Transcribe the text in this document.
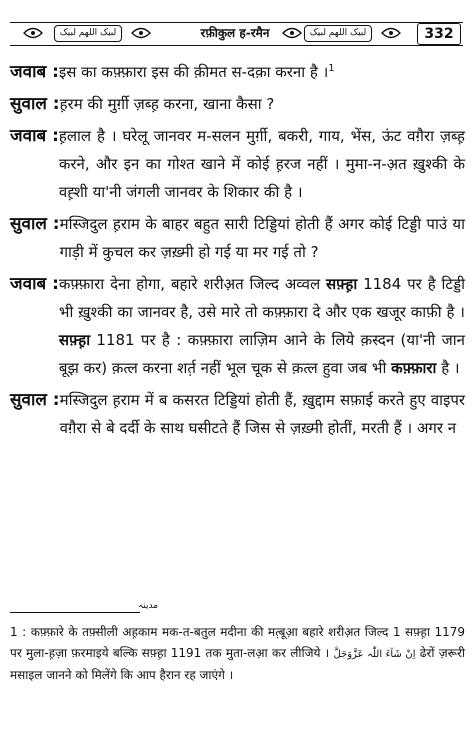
لبیک اللهم لبیک	रफ़ीकुल ह-रमैन	لبیک اللهم لبیک	332
जवाब : इस का कफ़्फ़ारा इस की क़ीमत स-दक़ा करना है ।$^1$
सुवाल : ह़रम की मुर्ग़ी ज़ब्ह़ करना, खाना कैसा ?
जवाब : ह़लाल है । घरेलू जानवर म-सलन मुर्ग़ी, बकरी, गाय, भेंस, ऊंट वग़ैरा ज़ब्ह़ करने, और इन का गोश्त खाने में कोई ह़रज नहीं । मुमा-न-अ़त ख़ुश्की के वह़्शी या'नी जंगली जानवर के शिकार की है ।
सुवाल : मस्जिदुल ह़राम के बाहर बहुत सारी टिड्डियां होती हैं अगर कोई टिड्डी पाउं या गाड़ी में कुचल कर ज़ख़्मी हो गई या मर गई तो ?
जवाब : कफ़्फ़ारा देना होगा, बहारे शरीअ़त जिल्द अव्वल सफ़्ह़ा 1184 पर है टिड्डी भी ख़ुश्की का जानवर है, उसे मारे तो कफ़्फ़ारा दे और एक खजूर काफ़ी है । सफ़्ह़ा 1181 पर है : कफ़्फ़ारा लाज़िम आने के लिये क़स्दन (या'नी जान बूझ कर) क़त्ल करना शर्त़ नहीं भूल चूक से क़त्ल हुवा जब भी कफ़्फ़ारा है ।
सुवाल : मस्जिदुल ह़राम में ब कसरत टिड्डियां होती हैं, ख़ुद्दाम सफ़ाई करते हुए वाइपर वग़ैरा से बे दर्दी के साथ घसीटते हैं जिस से ज़ख़्मी होतीं, मरती हैं । अगर न
مدینہ
1 : कफ़्फ़ारे के तफ़्सीली अह़काम मक-त-बतुल मदीना की मत़्बूआ़ बहारे शरीअ़त जिल्द 1 सफ़्ह़ा 1179 पर मुला-ह़ज़ा फ़रमाइये बल्कि सफ़्ह़ा 1191 तक मुता-लआ़ कर लीजिये । اِنْ شَآءَ اللّٰہ عَزَّوَجَلَّ ढेरों ज़रूरी मसाइल जानने को मिलेंगे कि आप हैरान रह जाएंगे ।
